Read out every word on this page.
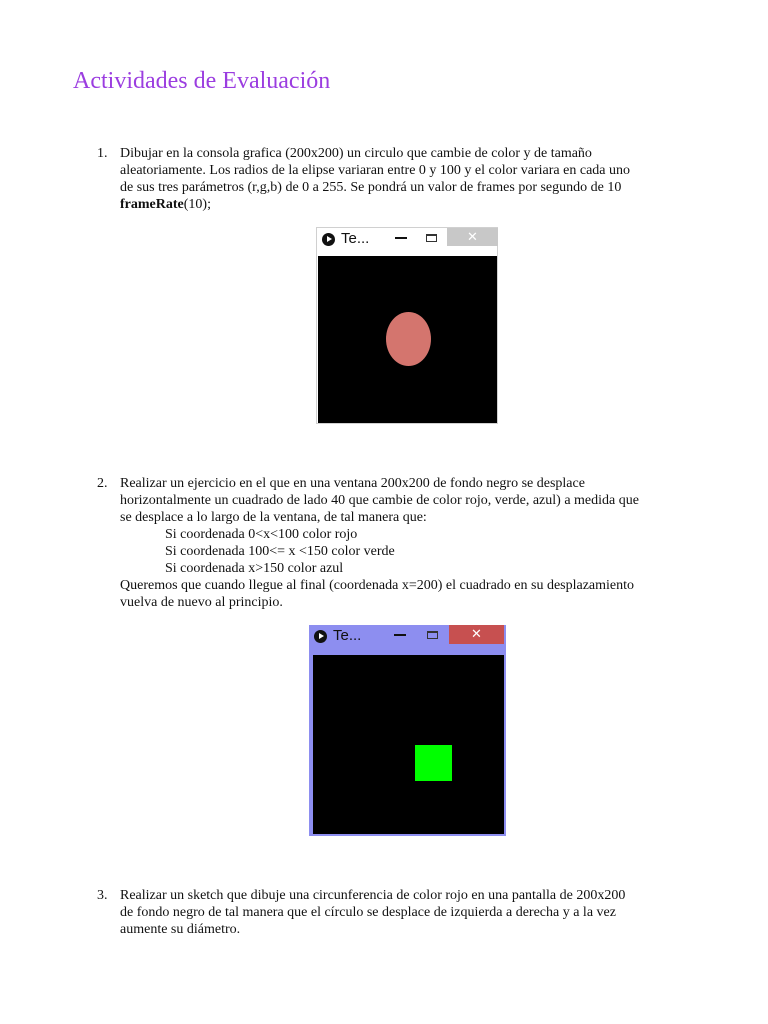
Actividades de Evaluación
1. Dibujar en la consola grafica (200x200) un circulo que cambie de color y de tamaño
aleatoriamente. Los radios de la elipse variaran entre 0 y 100 y el color variara en cada uno
de sus tres parámetros (r,g,b) de 0 a 255. Se pondrá un valor de frames por segundo de 10
frameRate(10);
Te...	✕
2. Realizar un ejercicio en el que en una ventana 200x200 de fondo negro se desplace
horizontalmente un cuadrado de lado 40 que cambie de color rojo, verde, azul) a medida que
se desplace a lo largo de la ventana, de tal manera que:
Si coordenada 0<x<100 color rojo
Si coordenada 100<= x <150 color verde
Si coordenada x>150 color azul
Queremos que cuando llegue al final (coordenada x=200) el cuadrado en su desplazamiento
vuelva de nuevo al principio.
Te...	✕
3. Realizar un sketch que dibuje una circunferencia de color rojo en una pantalla de 200x200
de fondo negro de tal manera que el círculo se desplace de izquierda a derecha y a la vez
aumente su diámetro.
